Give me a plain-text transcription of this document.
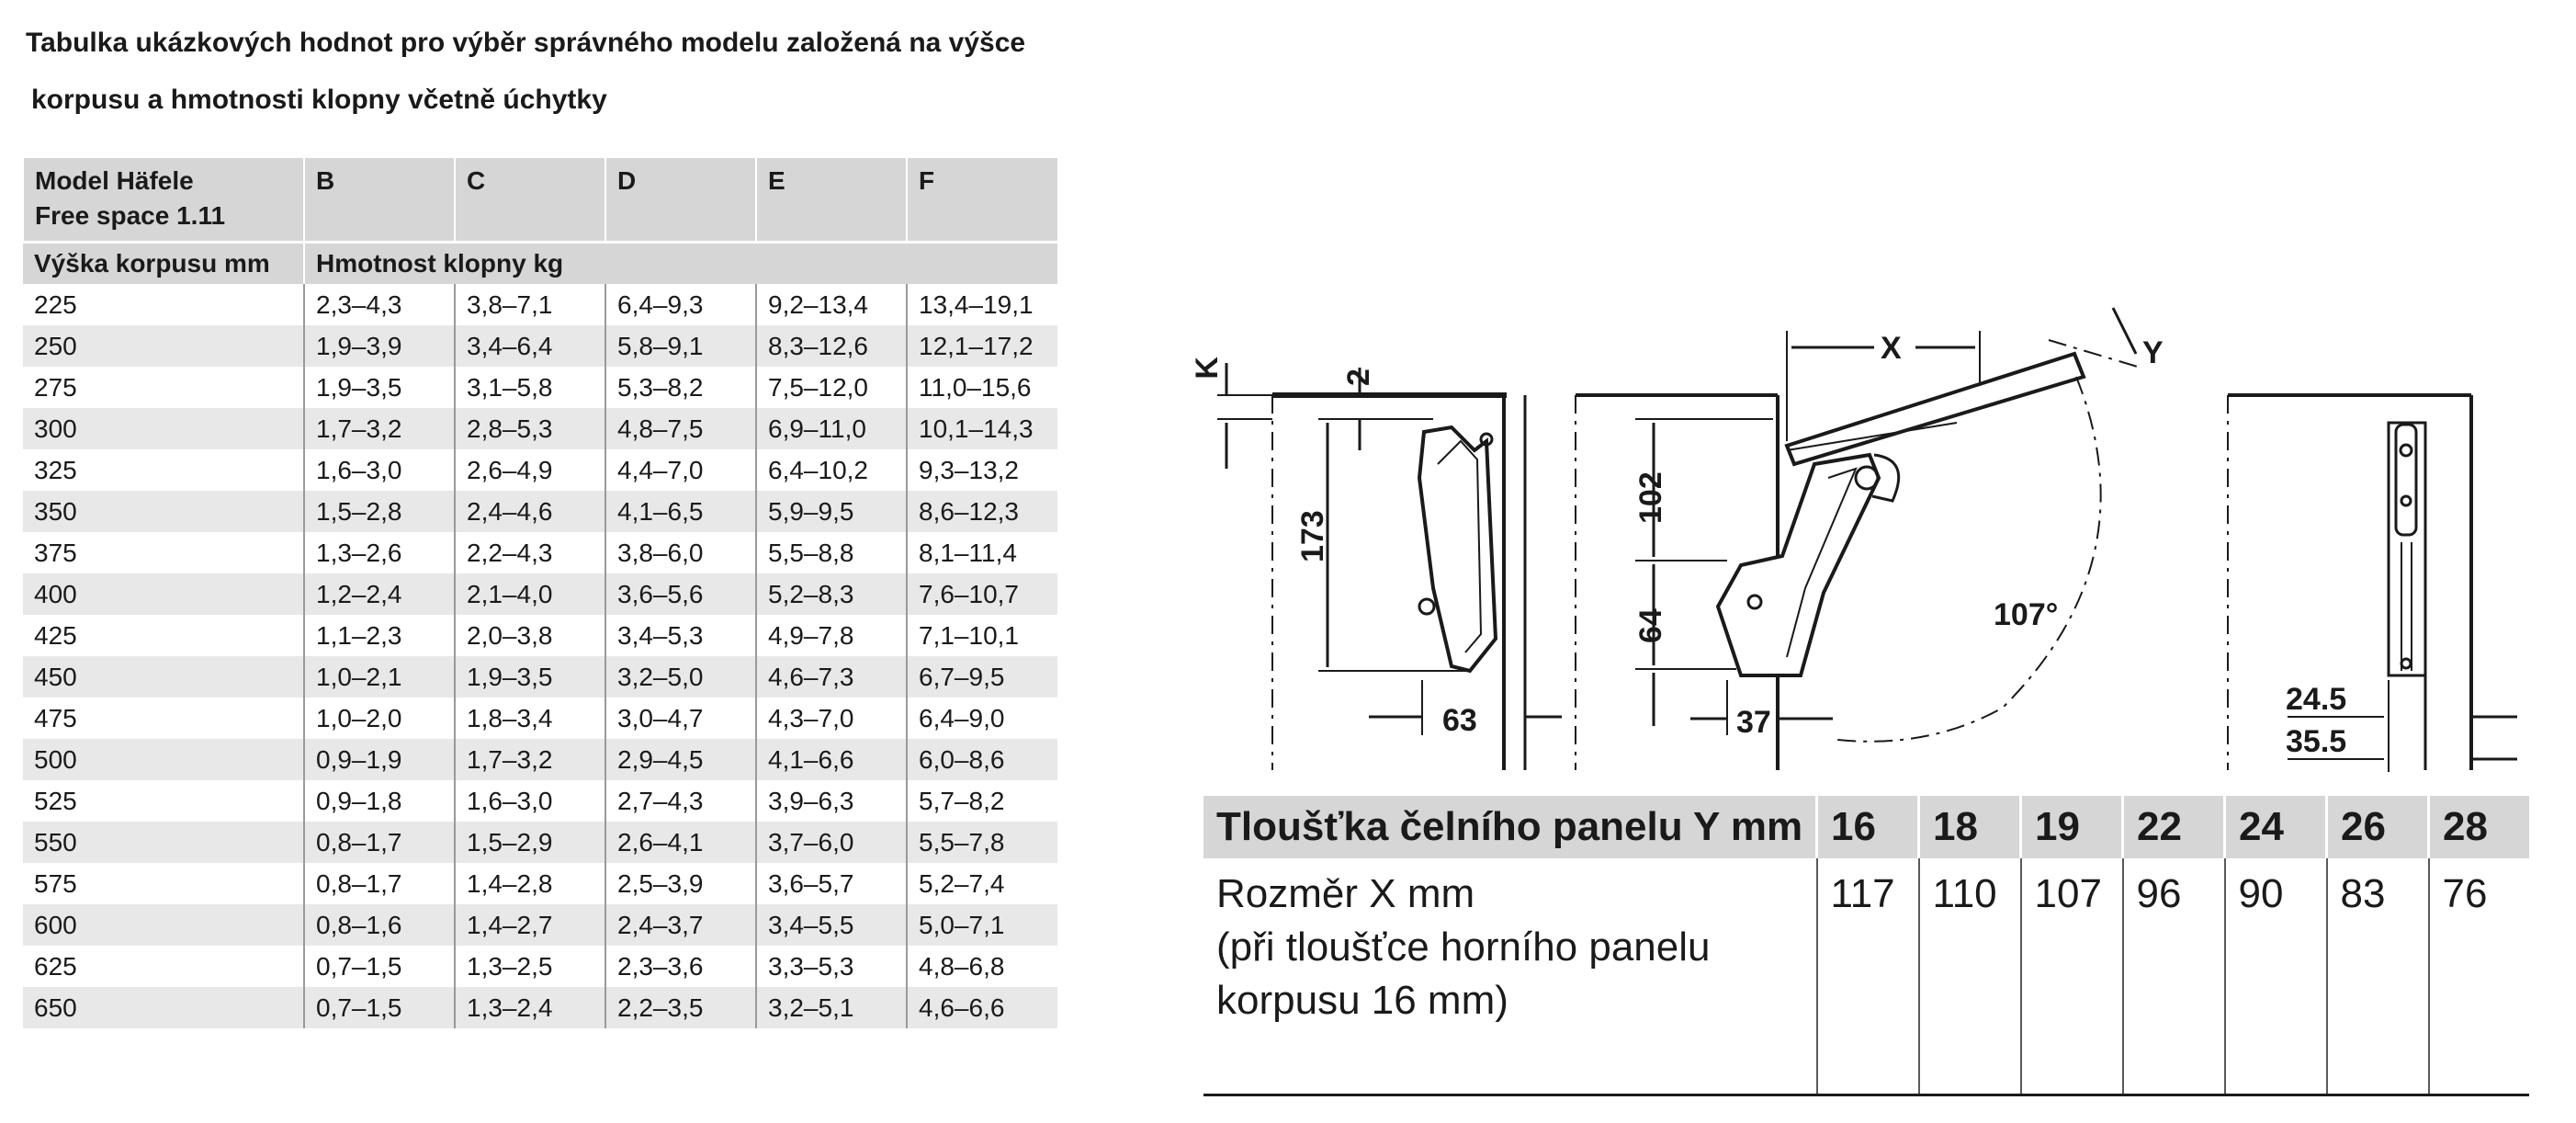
Tabulka ukázkových hodnot pro výběr správného modelu založená na výšce
korpusu a hmotnosti klopny včetně úchytky
Model Häfele
Free space 1.11	B	C	D	E	F
Výška korpusu mm	Hmotnost klopny kg				
225	2,3–4,3	3,8–7,1	6,4–9,3	9,2–13,4	13,4–19,1
250	1,9–3,9	3,4–6,4	5,8–9,1	8,3–12,6	12,1–17,2
275	1,9–3,5	3,1–5,8	5,3–8,2	7,5–12,0	11,0–15,6
300	1,7–3,2	2,8–5,3	4,8–7,5	6,9–11,0	10,1–14,3
325	1,6–3,0	2,6–4,9	4,4–7,0	6,4–10,2	9,3–13,2
350	1,5–2,8	2,4–4,6	4,1–6,5	5,9–9,5	8,6–12,3
375	1,3–2,6	2,2–4,3	3,8–6,0	5,5–8,8	8,1–11,4
400	1,2–2,4	2,1–4,0	3,6–5,6	5,2–8,3	7,6–10,7
425	1,1–2,3	2,0–3,8	3,4–5,3	4,9–7,8	7,1–10,1
450	1,0–2,1	1,9–3,5	3,2–5,0	4,6–7,3	6,7–9,5
475	1,0–2,0	1,8–3,4	3,0–4,7	4,3–7,0	6,4–9,0
500	0,9–1,9	1,7–3,2	2,9–4,5	4,1–6,6	6,0–8,6
525	0,9–1,8	1,6–3,0	2,7–4,3	3,9–6,3	5,7–8,2
550	0,8–1,7	1,5–2,9	2,6–4,1	3,7–6,0	5,5–7,8
575	0,8–1,7	1,4–2,8	2,5–3,9	3,6–5,7	5,2–7,4
600	0,8–1,6	1,4–2,7	2,4–3,7	3,4–5,5	5,0–7,1
625	0,7–1,5	1,3–2,5	2,3–3,6	3,3–5,3	4,8–6,8
650	0,7–1,5	1,3–2,4	2,2–3,5	3,2–5,1	4,6–6,6
K	2
173
63
102
64
37
X	Y
107°
24.5
35.5
Tloušťka čelního panelu Y mm	16	18	19	22	24	26	28

Rozměr X mm
(při tloušťce horního panelu
korpusu 16 mm)	117	110	107	96	90	83	76
